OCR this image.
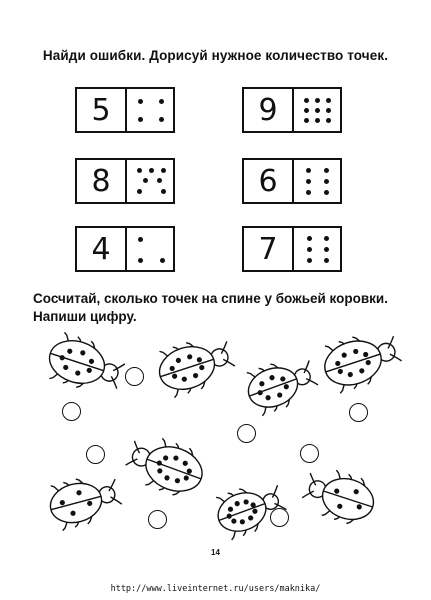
Найди ошибки. Дорисуй нужное количество точек.
5	9
8	6
4	7
Сосчитай, сколько точек на спине у божьей коровки.
Напиши цифру.
14
http://www.liveinternet.ru/users/maknika/
